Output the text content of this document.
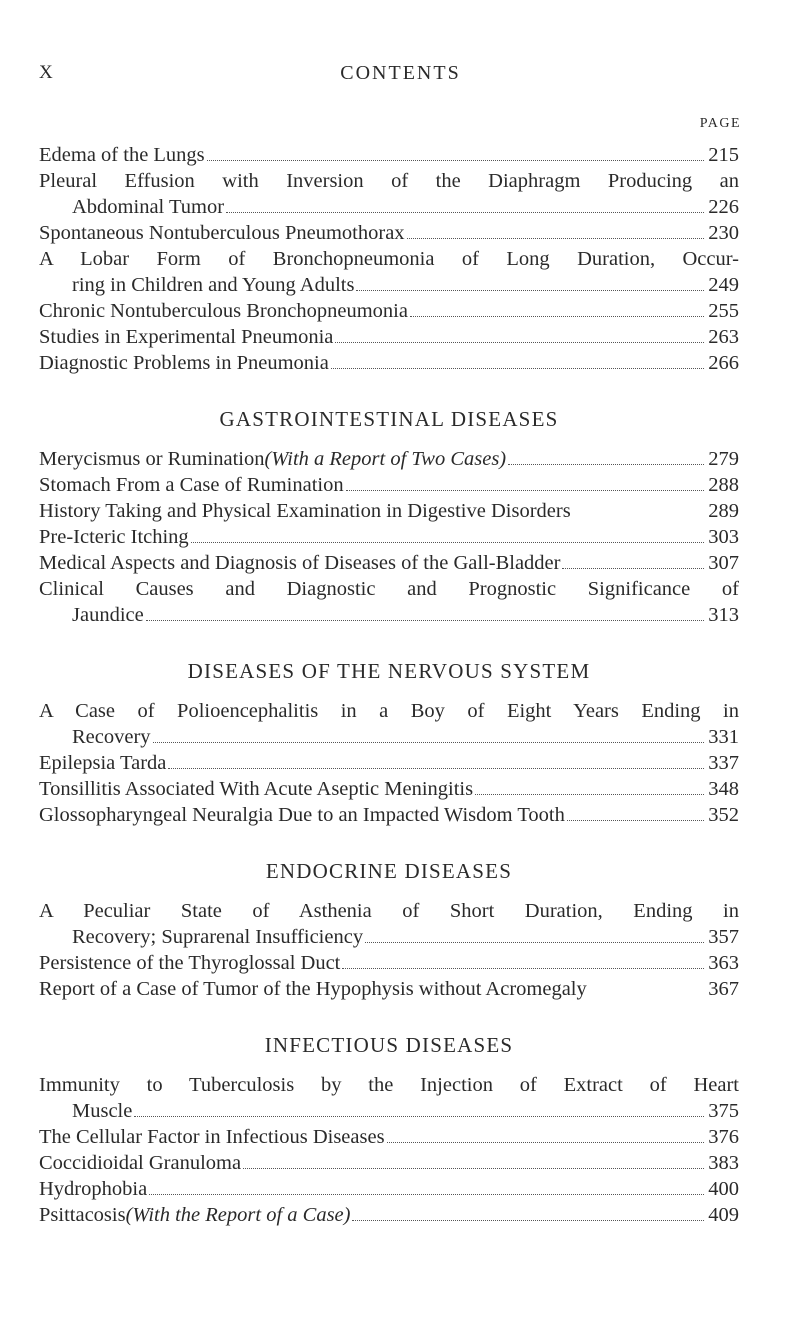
X	CONTENTS
PAGE
Edema of the Lungs	215
Pleural Effusion with Inversion of the Diaphragm Producing an
Abdominal Tumor	226
Spontaneous Nontuberculous Pneumothorax	230
A Lobar Form of Bronchopneumonia of Long Duration, Occur-
ring in Children and Young Adults	249
Chronic Nontuberculous Bronchopneumonia	255
Studies in Experimental Pneumonia	263
Diagnostic Problems in Pneumonia	266
GASTROINTESTINAL DISEASES
Merycismus or Rumination (With a Report of Two Cases)	279
Stomach From a Case of Rumination	288
History Taking and Physical Examination in Digestive Disorders	289
Pre-Icteric Itching	303
Medical Aspects and Diagnosis of Diseases of the Gall-Bladder	307
Clinical Causes and Diagnostic and Prognostic Significance of
Jaundice	313
DISEASES OF THE NERVOUS SYSTEM
A Case of Polioencephalitis in a Boy of Eight Years Ending in
Recovery	331
Epilepsia Tarda	337
Tonsillitis Associated With Acute Aseptic Meningitis	348
Glossopharyngeal Neuralgia Due to an Impacted Wisdom Tooth	352
ENDOCRINE DISEASES
A Peculiar State of Asthenia of Short Duration, Ending in
Recovery; Suprarenal Insufficiency	357
Persistence of the Thyroglossal Duct	363
Report of a Case of Tumor of the Hypophysis without Acromegaly	367
INFECTIOUS DISEASES
Immunity to Tuberculosis by the Injection of Extract of Heart
Muscle	375
The Cellular Factor in Infectious Diseases	376
Coccidioidal Granuloma	383
Hydrophobia	400
Psittacosis (With the Report of a Case)	409
